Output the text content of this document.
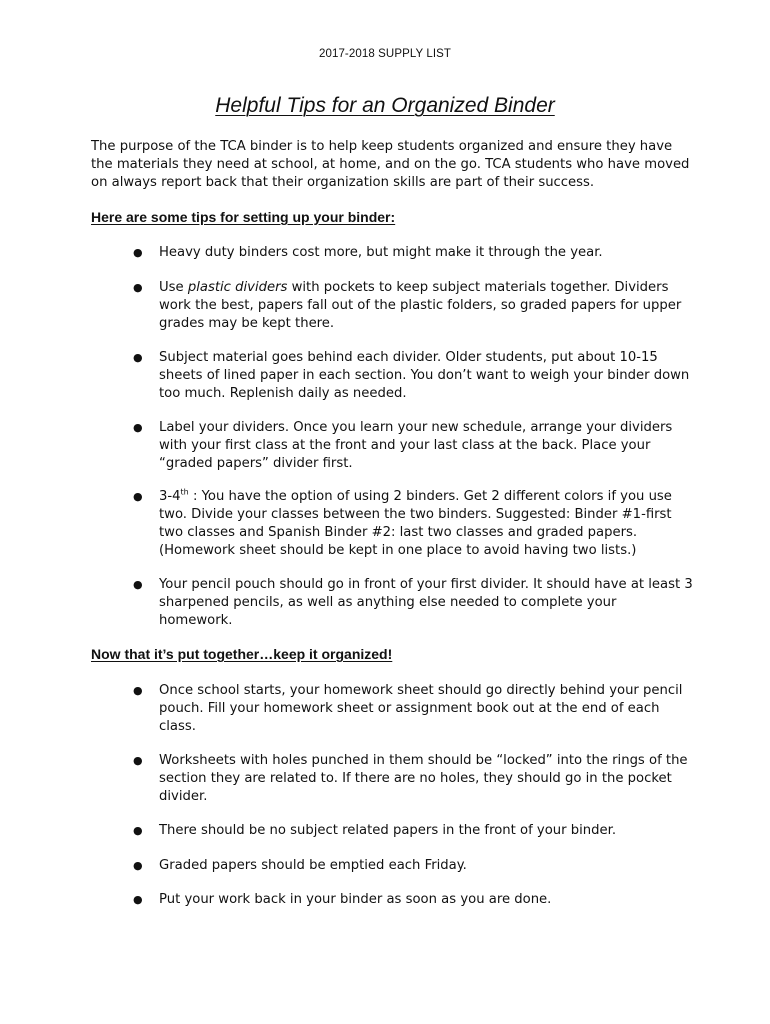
2017-2018 SUPPLY LIST
Helpful Tips for an Organized Binder
The purpose of the TCA binder is to help keep students organized and ensure they have the materials they need at school, at home, and on the go. TCA students who have moved on always report back that their organization skills are part of their success.
Here are some tips for setting up your binder:
●	Heavy duty binders cost more, but might make it through the year.
●	Use plastic dividers with pockets to keep subject materials together. Dividers work the best, papers fall out of the plastic folders, so graded papers for upper grades may be kept there.
●	Subject material goes behind each divider. Older students, put about 10-15 sheets of lined paper in each section. You don’t want to weigh your binder down too much. Replenish daily as needed.
●	Label your dividers. Once you learn your new schedule, arrange your dividers with your first class at the front and your last class at the back. Place your “graded papers” divider first.
●	3-4th : You have the option of using 2 binders. Get 2 different colors if you use two. Divide your classes between the two binders. Suggested: Binder #1-first two classes and Spanish Binder #2: last two classes and graded papers. (Homework sheet should be kept in one place to avoid having two lists.)
●	Your pencil pouch should go in front of your first divider. It should have at least 3 sharpened pencils, as well as anything else needed to complete your homework.
Now that it’s put together…keep it organized!
●	Once school starts, your homework sheet should go directly behind your pencil pouch. Fill your homework sheet or assignment book out at the end of each class.
●	Worksheets with holes punched in them should be “locked” into the rings of the section they are related to. If there are no holes, they should go in the pocket divider.
●	There should be no subject related papers in the front of your binder.
●	Graded papers should be emptied each Friday.
●	Put your work back in your binder as soon as you are done.
